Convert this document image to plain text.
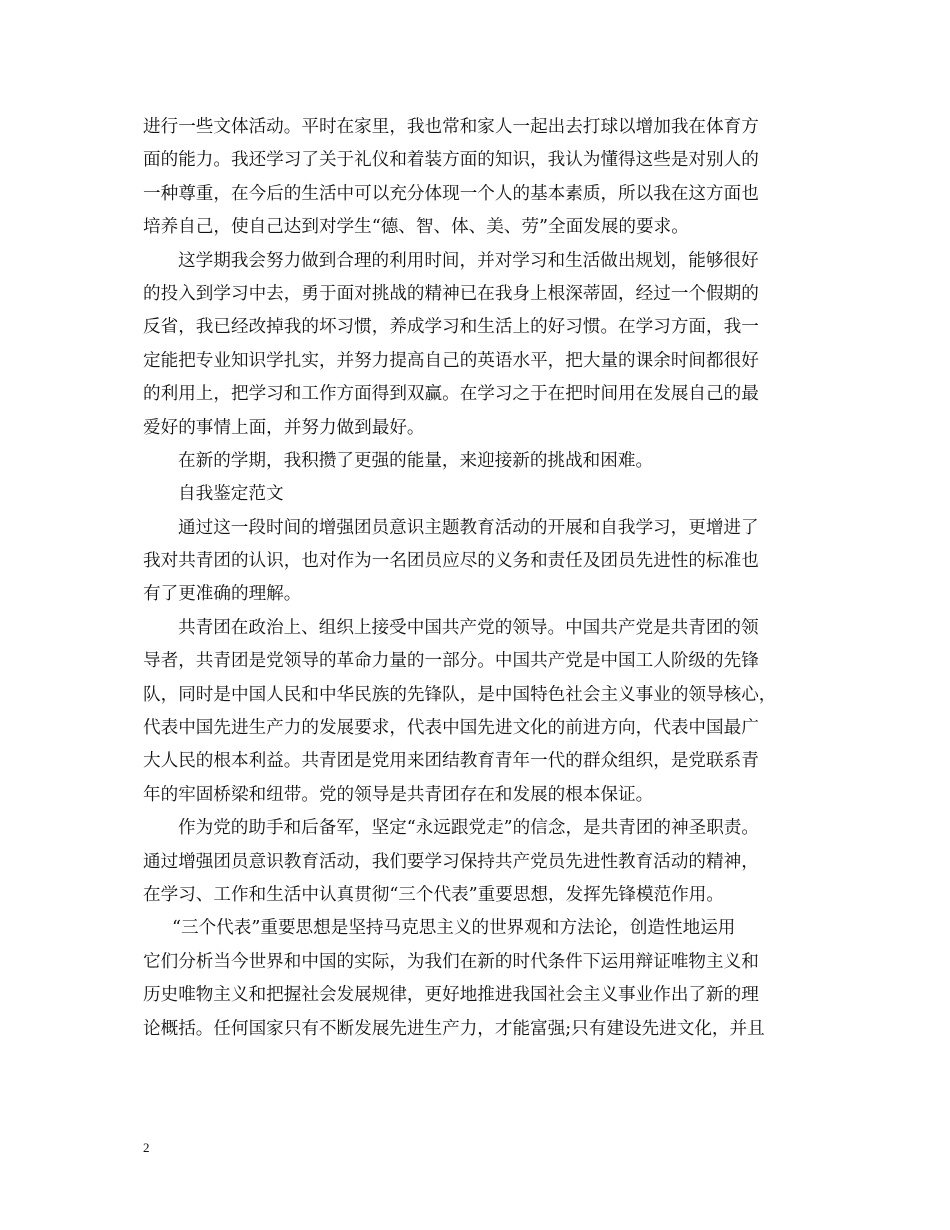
进行一些文体活动。平时在家里，我也常和家人一起出去打球以增加我在体育方
面的能力。我还学习了关于礼仪和着装方面的知识，我认为懂得这些是对别人的
一种尊重，在今后的生活中可以充分体现一个人的基本素质，所以我在这方面也
培养自己，使自己达到对学生“德、智、体、美、劳”全面发展的要求。
这学期我会努力做到合理的利用时间，并对学习和生活做出规划，能够很好
的投入到学习中去，勇于面对挑战的精神已在我身上根深蒂固，经过一个假期的
反省，我已经改掉我的坏习惯，养成学习和生活上的好习惯。在学习方面，我一
定能把专业知识学扎实，并努力提高自己的英语水平，把大量的课余时间都很好
的利用上，把学习和工作方面得到双赢。在学习之于在把时间用在发展自己的最
爱好的事情上面，并努力做到最好。
在新的学期，我积攒了更强的能量，来迎接新的挑战和困难。
自我鉴定范文
通过这一段时间的增强团员意识主题教育活动的开展和自我学习，更增进了
我对共青团的认识，也对作为一名团员应尽的义务和责任及团员先进性的标准也
有了更准确的理解。
共青团在政治上、组织上接受中国共产党的领导。中国共产党是共青团的领
导者，共青团是党领导的革命力量的一部分。中国共产党是中国工人阶级的先锋
队，同时是中国人民和中华民族的先锋队，是中国特色社会主义事业的领导核心，
代表中国先进生产力的发展要求，代表中国先进文化的前进方向，代表中国最广
大人民的根本利益。共青团是党用来团结教育青年一代的群众组织，是党联系青
年的牢固桥梁和纽带。党的领导是共青团存在和发展的根本保证。
作为党的助手和后备军，坚定“永远跟党走”的信念，是共青团的神圣职责。
通过增强团员意识教育活动，我们要学习保持共产党员先进性教育活动的精神，
在学习、工作和生活中认真贯彻“三个代表”重要思想，发挥先锋模范作用。
“三个代表”重要思想是坚持马克思主义的世界观和方法论，创造性地运用
它们分析当今世界和中国的实际，为我们在新的时代条件下运用辩证唯物主义和
历史唯物主义和把握社会发展规律，更好地推进我国社会主义事业作出了新的理
论概括。任何国家只有不断发展先进生产力，才能富强;只有建设先进文化，并且
2
